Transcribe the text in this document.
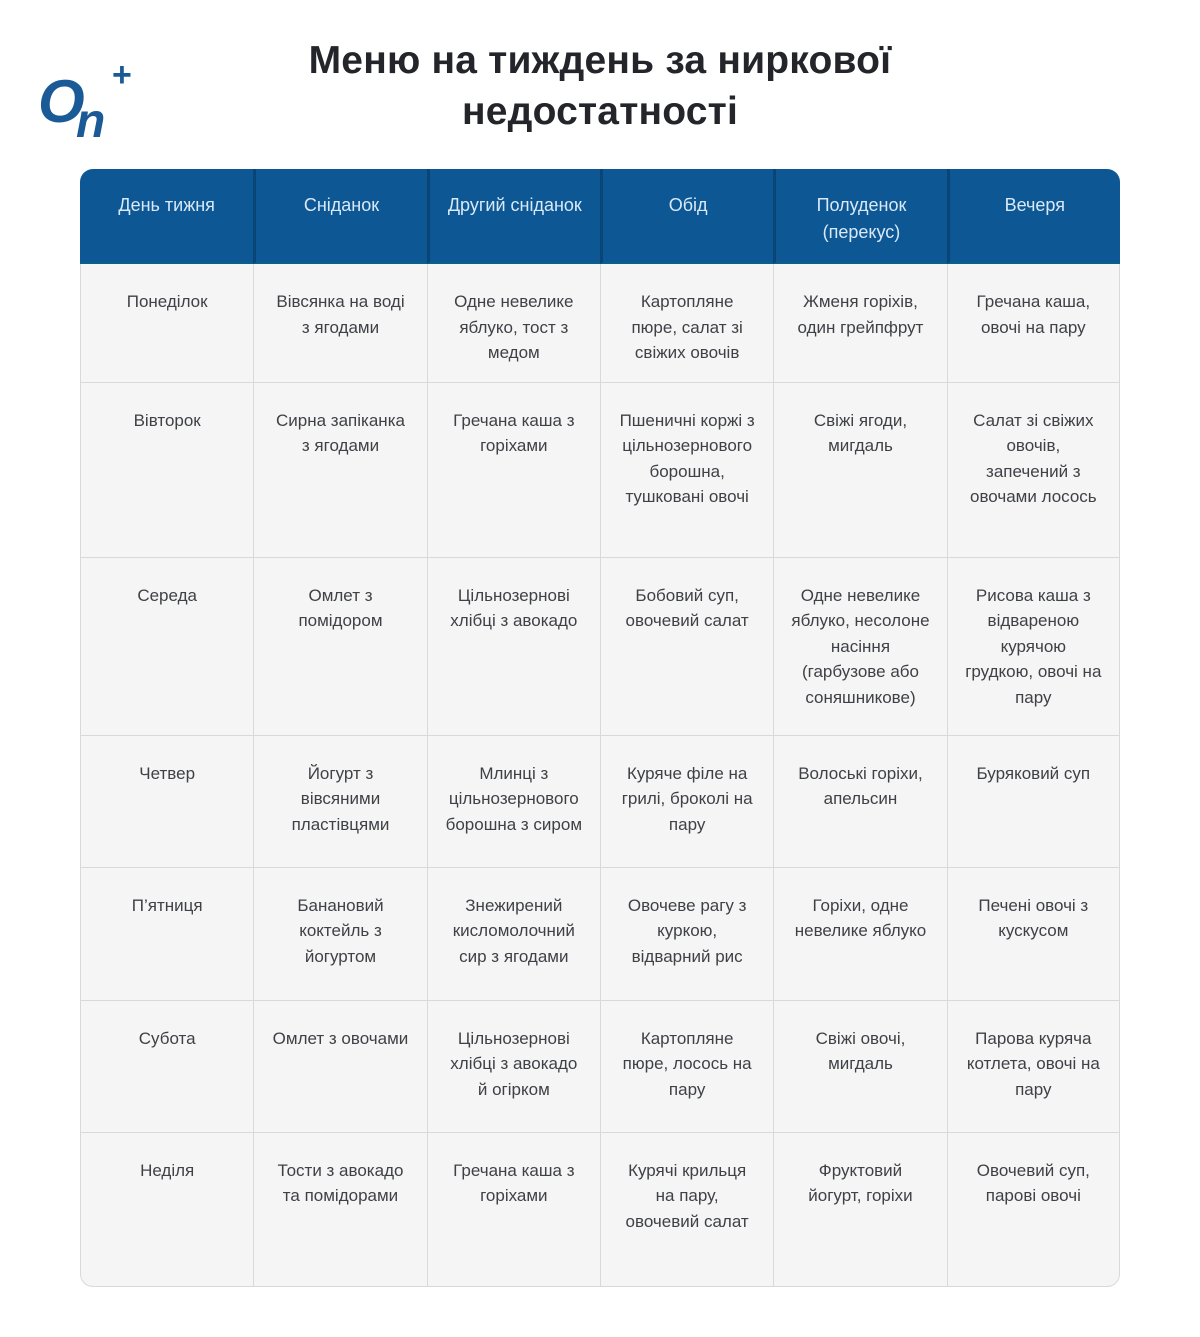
O
n
+	Меню на тиждень за ниркової недостатності
День тижня	Сніданок	Другий сніданок	Обід	Полуденок (перекус)	Вечеря
Понеділок	Вівсянка на воді з ягодами	Одне невелике яблуко, тост з медом	Картопляне пюре, салат зі свіжих овочів	Жменя горіхів, один грейпфрут	Гречана каша, овочі на пару
Вівторок	Сирна запіканка з ягодами	Гречана каша з горіхами	Пшеничні коржі з цільнозернового борошна, тушковані овочі	Свіжі ягоди, мигдаль	Салат зі свіжих овочів, запечений з овочами лосось
Середа	Омлет з помідором	Цільнозернові хлібці з авокадо	Бобовий суп, овочевий салат	Одне невелике яблуко, несолоне насіння (гарбузове або соняшникове)	Рисова каша з відвареною курячою грудкою, овочі на пару
Четвер	Йогурт з вівсяними пластівцями	Млинці з цільнозернового борошна з сиром	Куряче філе на грилі, броколі на пару	Волоські горіхи, апельсин	Буряковий суп
П’ятниця	Банановий коктейль з йогуртом	Знежирений кисломолочний сир з ягодами	Овочеве рагу з куркою, відварний рис	Горіхи, одне невелике яблуко	Печені овочі з кускусом
Субота	Омлет з овочами	Цільнозернові хлібці з авокадо й огірком	Картопляне пюре, лосось на пару	Свіжі овочі, мигдаль	Парова куряча котлета, овочі на пару
Неділя	Тости з авокадо та помідорами	Гречана каша з горіхами	Курячі крильця на пару, овочевий салат	Фруктовий йогурт, горіхи	Овочевий суп, парові овочі
